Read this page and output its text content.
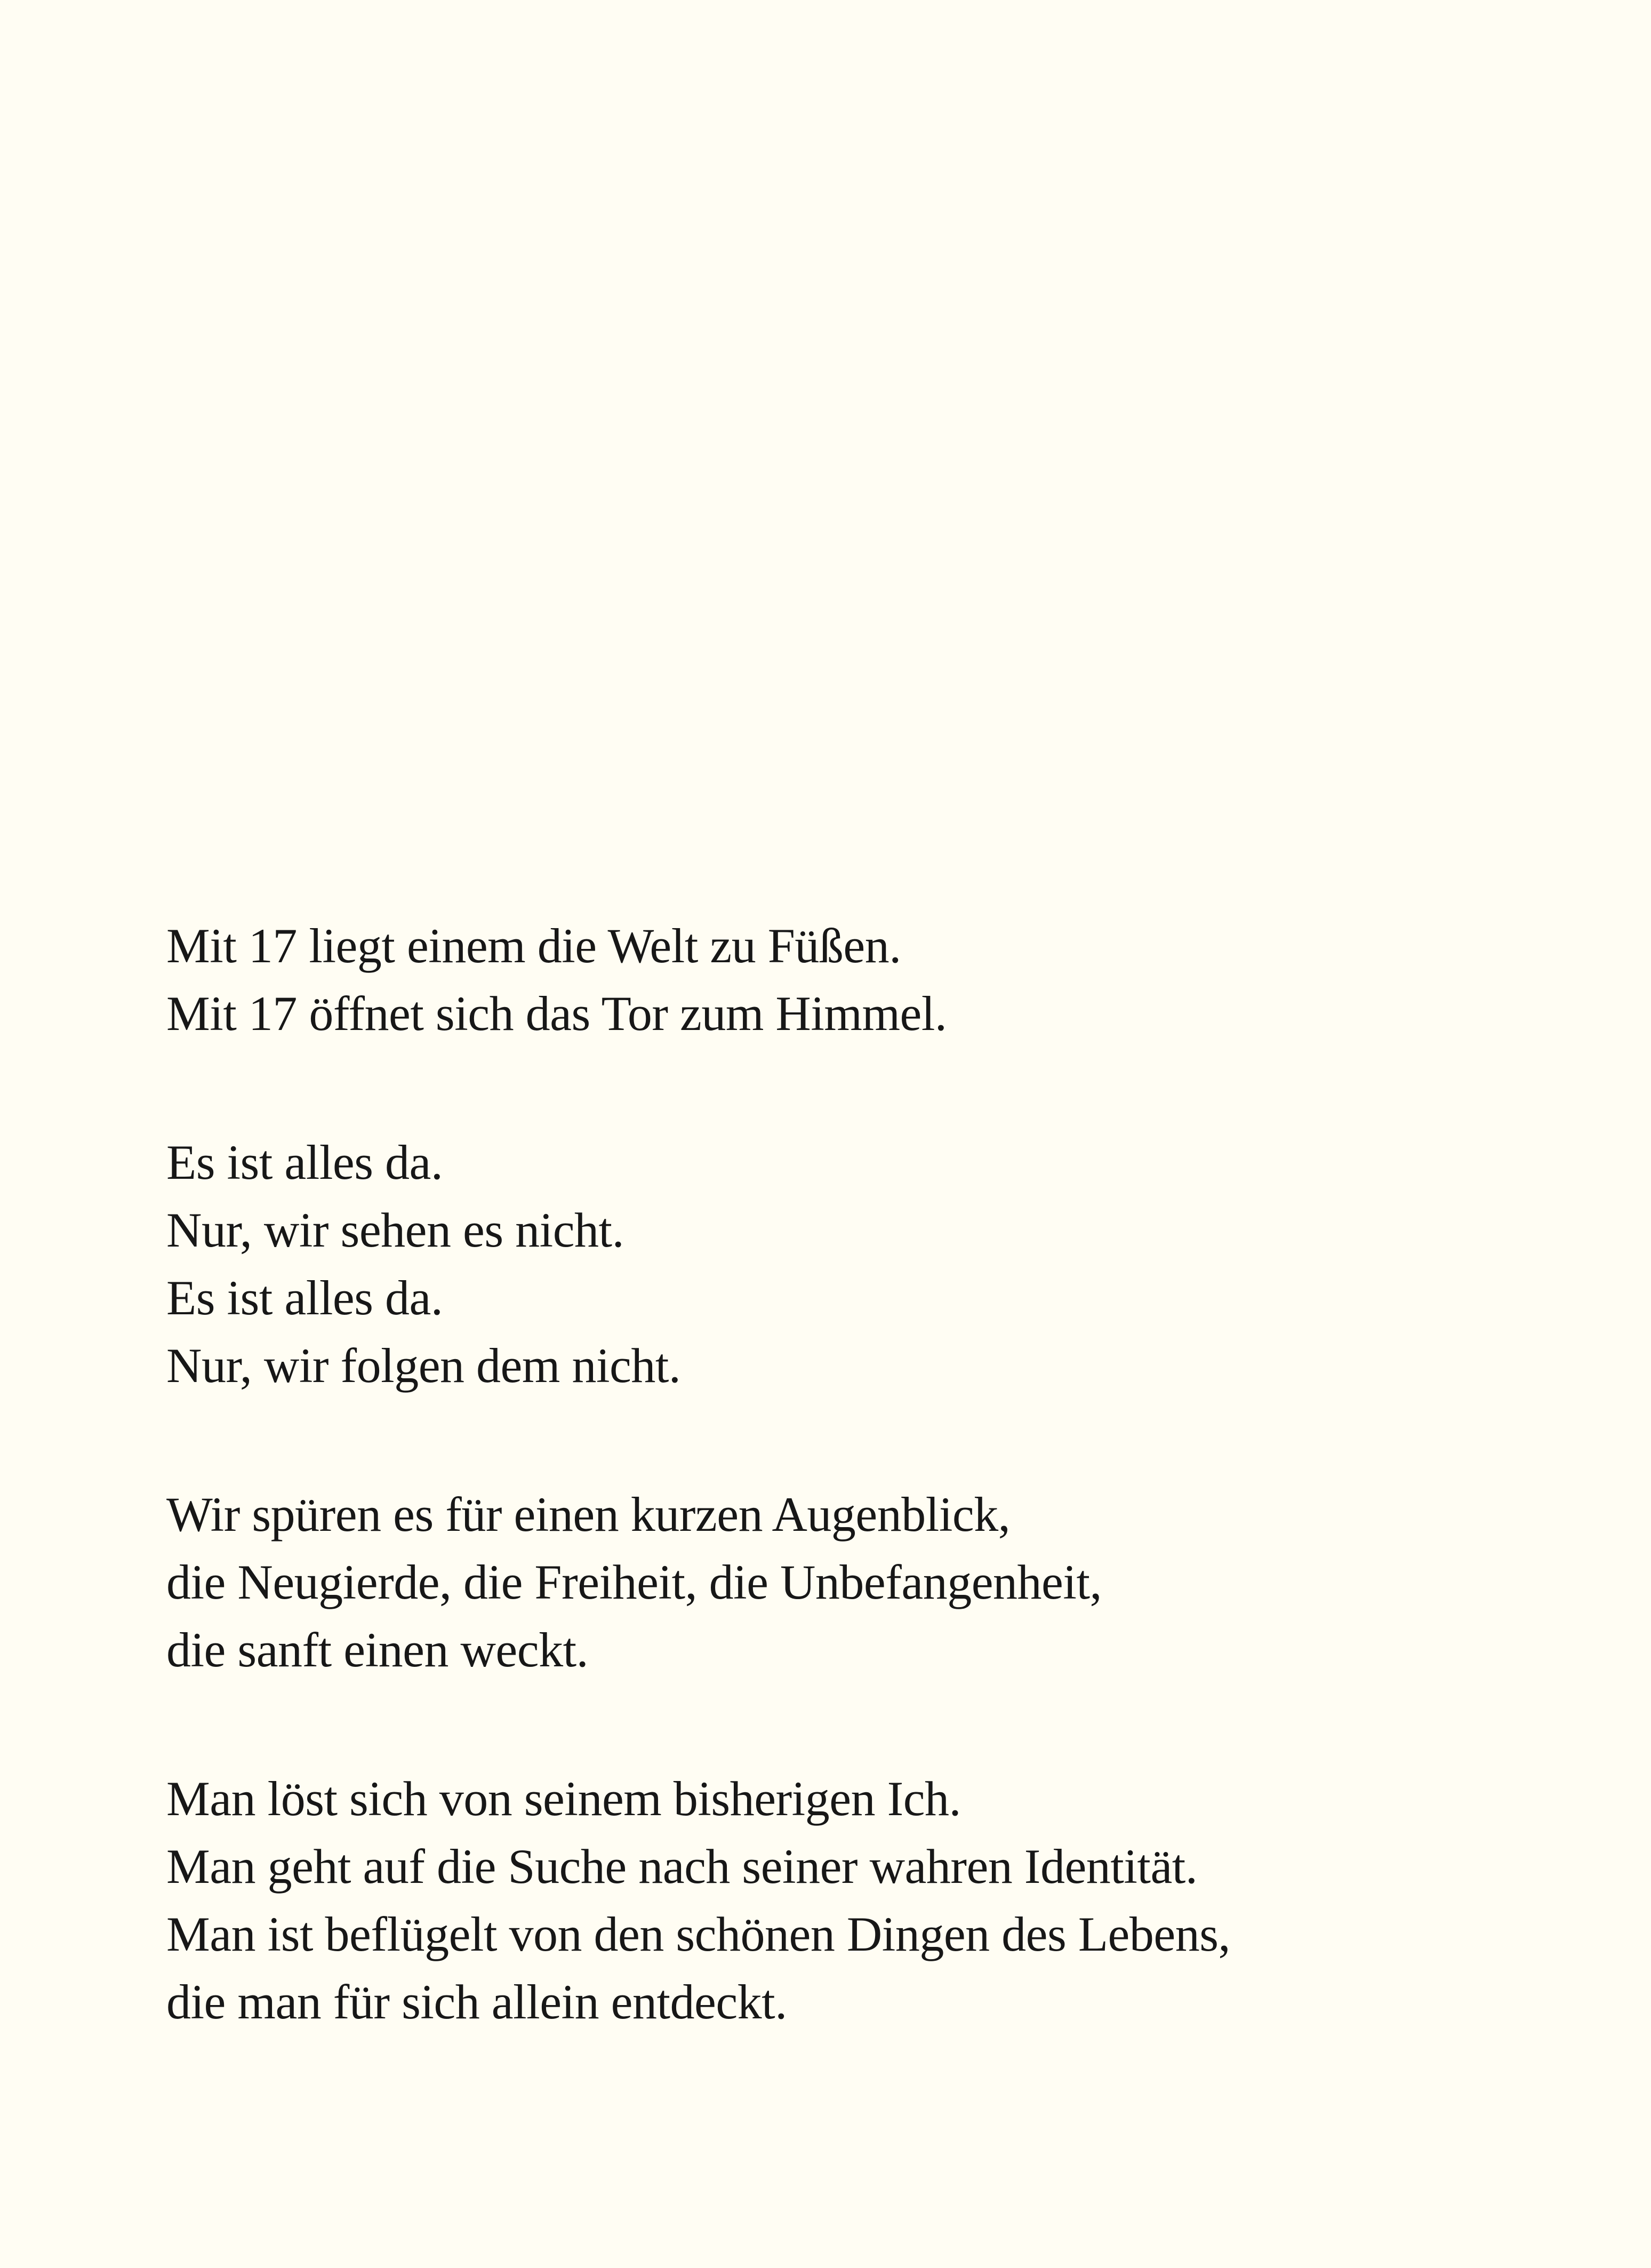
Mit 17 liegt einem die Welt zu Füßen.
Mit 17 öffnet sich das Tor zum Himmel.
Es ist alles da.
Nur, wir sehen es nicht.
Es ist alles da.
Nur, wir folgen dem nicht.
Wir spüren es für einen kurzen Augenblick,
die Neugierde, die Freiheit, die Unbefangenheit,
die sanft einen weckt.
Man löst sich von seinem bisherigen Ich.
Man geht auf die Suche nach seiner wahren Identität.
Man ist beflügelt von den schönen Dingen des Lebens,
die man für sich allein entdeckt.
